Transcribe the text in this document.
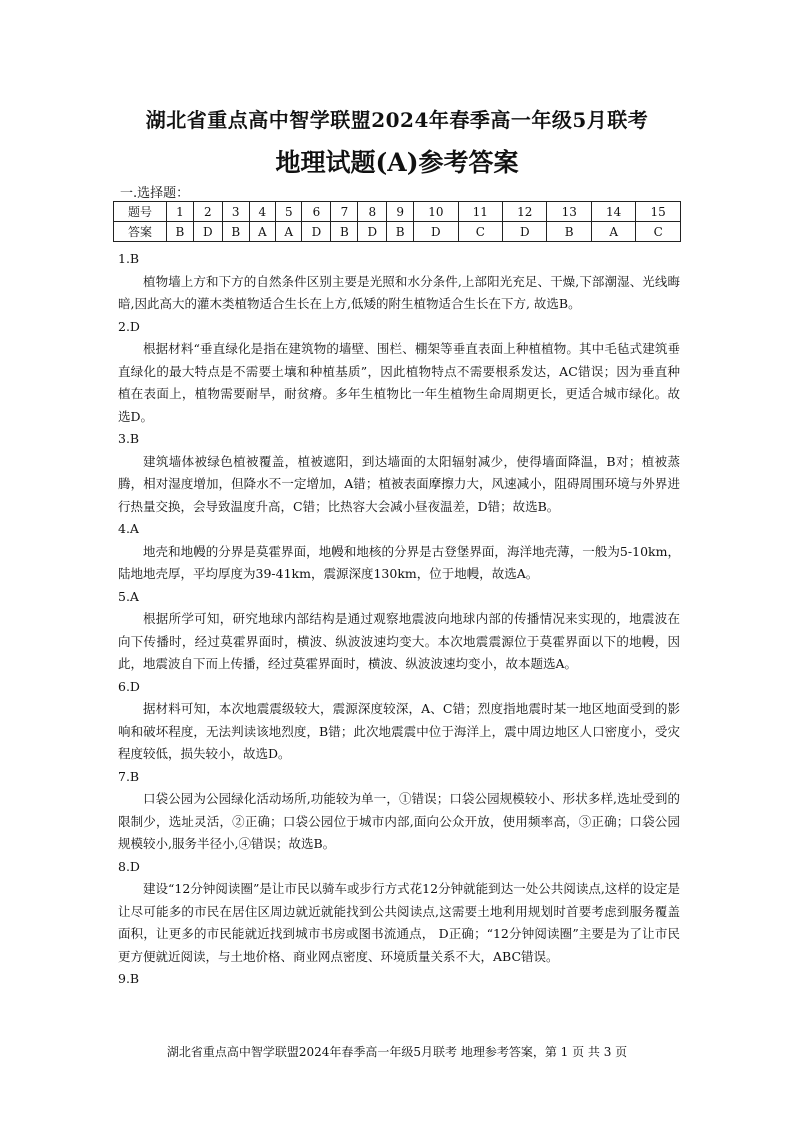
湖北省重点高中智学联盟2024年春季高一年级5月联考
地理试题(A)参考答案
一.选择题：
题号	1	2	3	4	5	6	7	8	9	10	11	12	13	14	15
答案	B	D	B	A	A	D	B	D	B	D	C	D	B	A	C
1.B
植物墙上方和下方的自然条件区别主要是光照和水分条件,上部阳光充足、干燥,下部潮湿、光线晦暗,因此高大的灌木类植物适合生长在上方,低矮的附生植物适合生长在下方, 故选B。
2.D
根据材料“垂直绿化是指在建筑物的墙壁、围栏、棚架等垂直表面上种植植物。其中毛毡式建筑垂直绿化的最大特点是不需要土壤和种植基质”，因此植物特点不需要根系发达，AC错误；因为垂直种植在表面上，植物需要耐旱，耐贫瘠。多年生植物比一年生植物生命周期更长，更适合城市绿化。故选D。
3.B
建筑墙体被绿色植被覆盖，植被遮阳，到达墙面的太阳辐射减少，使得墙面降温，B对；植被蒸腾，相对湿度增加，但降水不一定增加，A错；植被表面摩擦力大，风速减小，阻碍周围环境与外界进行热量交换，会导致温度升高，C错；比热容大会减小昼夜温差，D错；故选B。
4.A
地壳和地幔的分界是莫霍界面，地幔和地核的分界是古登堡界面，海洋地壳薄，一般为5-10km，陆地地壳厚，平均厚度为39-41km，震源深度130km，位于地幔，故选A。
5.A
根据所学可知，研究地球内部结构是通过观察地震波向地球内部的传播情况来实现的，地震波在向下传播时，经过莫霍界面时，横波、纵波波速均变大。本次地震震源位于莫霍界面以下的地幔，因此，地震波自下而上传播，经过莫霍界面时，横波、纵波波速均变小，故本题选A。
6.D
据材料可知，本次地震震级较大，震源深度较深，A、C错；烈度指地震时某一地区地面受到的影响和破坏程度，无法判读该地烈度，B错；此次地震震中位于海洋上，震中周边地区人口密度小，受灾程度较低，损失较小，故选D。
7.B
口袋公园为公园绿化活动场所,功能较为单一，①错误；口袋公园规模较小、形状多样,选址受到的限制少，选址灵活，②正确；口袋公园位于城市内部,面向公众开放，使用频率高，③正确；口袋公园规模较小,服务半径小,④错误；故选B。
8.D
建设“12分钟阅读圈”是让市民以骑车或步行方式花12分钟就能到达一处公共阅读点,这样的设定是让尽可能多的市民在居住区周边就近就能找到公共阅读点,这需要土地利用规划时首要考虑到服务覆盖面积，让更多的市民能就近找到城市书房或图书流通点， D正确；“12分钟阅读圈”主要是为了让市民更方便就近阅读，与土地价格、商业网点密度、环境质量关系不大，ABC错误。
9.B
湖北省重点高中智学联盟2024年春季高一年级5月联考 地理参考答案，第 1 页 共 3 页
